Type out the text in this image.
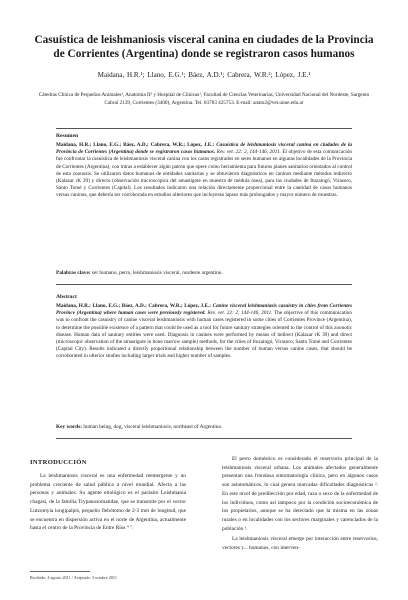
Casuística de leishmaniosis visceral canina en ciudades de la Provincia de Corrientes (Argentina) donde se registraron casos humanos
Maidana, H.R.¹; Llano, E.G.¹; Báez, A.D.¹; Cabrera, W.R.²; López, J.E.¹
Cátedras Clínica de Pequeños Animales¹, Anatomía II² y Hospital de Clínicas¹, Facultad de Ciencias Veterinarias, Universidad Nacional del Nordeste, Sargento Cabral 2139, Corrientes (3400), Argentina. Tel. 03783 425753. E-mail: anato2@vet.unne.edu.ar
Resumen

Maidana, H.R.; Llano, E.G.; Báez, A.D.; Cabrera, W.R.; López, J.E.: Casuística de leishmaniosis visceral canina en ciudades de la Provincia de Corrientes (Argentina) donde se registraron casos humanos. Rev. vet. 22: 2, 144-146, 2011. El objetivo de esta comunicación fue confrontar la casuística de leishmaniosis visceral canina con los casos registrados en seres humanos en algunas localidades de la Provincia de Corrientes (Argentina), con miras a establecer algún patrón que opere como herramienta para futuros planes sanitarios orientados al control de esta zoonosis. Se utilizaron datos humanos de entidades sanitarias y se obtuvieron diagnósticos en caninos mediante métodos indirecto (Kalazar rK 39) y directo (observación microscópica del amastigote en muestra de médula ósea), para las ciudades de Ituzaingó, Virasoro, Santo Tomé y Corrientes (Capital). Los resultados indicaron una relación directamente proporcional entre la cantidad de casos humanos versus caninos, que debería ser corroborada en estudios ulteriores que incluyeran lapsos más prolongados y mayor número de muestras.

Palabras clave: ser humano, perro, leishmaniosis visceral, nordeste argentino.
Abstract

Maidana, H.R.; Llano, E.G.; Báez, A.D.; Cabrera, W.R.; López, J.E.: Canine visceral leishmaniasis casuistry in cities from Corrientes Province (Argentina) where human cases were previously registered. Rev. vet. 22: 2, 144-146, 2011. The objective of this communication was to confront the casuistry of canine visceral leishmaniosis with human cases registered in some cities of Corrientes Province (Argentina), to determine the possible existence of a pattern that could be used as a tool for future sanitary strategies oriented to the control of this zoonotic disease. Human data of sanitary entities were used. Diagnosis in canines were performed by means of indirect (Kalazar rK 39) and direct (microscopic observation of the amastigote in bone marrow sample) methods, for the cities of Ituzaingó, Virasoro, Santo Tomé and Corrientes (Capital City). Results indicated a directly proportional relationship between the number of human versus canine cases, that should be corroborated in ulterior studies including larger trials and higher number of samples.

Key words: human being, dog, visceral leishmaniosis, northeast of Argentina.
INTRODUCCIÓN

La leishmaniosis visceral es una enfermedad reemergente y un problema creciente de salud pública a nivel mundial. Afecta a las personas y animales. Su agente etiológico es el parásito Leishmania chagasi, de la familia Trypanosomatidae, que se transmite por el vector Lutzomyia longipalpis, pequeño flebótomo de 2-3 mm de longitud, que se encuentra en dispersión activa en el norte de Argentina, actualmente hasta el centro de la Provincia de Entre Ríos ⁴ ⁷.

El perro doméstico es considerado el reservorio principal de la leishmaniosis visceral urbana. Los animales afectados generalmente presentan una frondosa sintomatología clínica, pero en algunos casos son asintomáticos, lo cual genera marcadas dificultades diagnósticas ². En este nivel de predilección por edad, raza o sexo de la enfermedad de los individuos, como así tampoco por la condición socioeconómica de los propietarios, aunque se ha detectado que la misma en las zonas rurales o en localidades con los sectores marginales y carenciados de la población ¹.

La leishmaniosis visceral emerge por interacción entre reservorios, vectores y... humanos, con interven-

Recibido: 4 agosto 2011 / Aceptado: 3 octubre 2011
